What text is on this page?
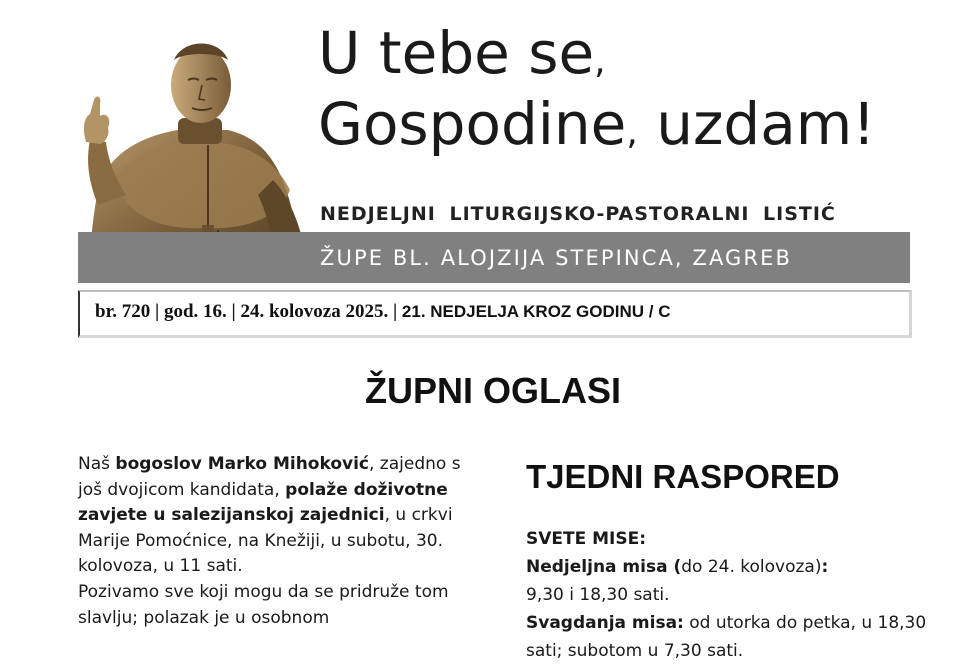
U tebe se,
Gospodine, uzdam!

NEDJELJNI LITURGIJSKO-PASTORALNI LISTIĆ

ŽUPE BL. ALOJZIJA STEPINCA, ZAGREB

br. 720 | god. 16. | 24. kolovoza 2025. | 21. NEDJELJA KROZ GODINU / C

ŽUPNI OGLASI

Naš bogoslov Marko Mihoković, zajedno s još dvojicom kandidata, polaže doživotne zavjete u salezijanskoj zajednici, u crkvi Marije Pomoćnice, na Knežiji, u subotu, 30. kolovoza, u 11 sati.
Pozivamo sve koji mogu da se pridruže tom slavlju; polazak je u osobnom

TJEDNI RASPORED

SVETE MISE:
Nedjeljna misa (do 24. kolovoza):
9,30 i 18,30 sati.
Svagdanja misa: od utorka do petka, u 18,30 sati; subotom u 7,30 sati.
